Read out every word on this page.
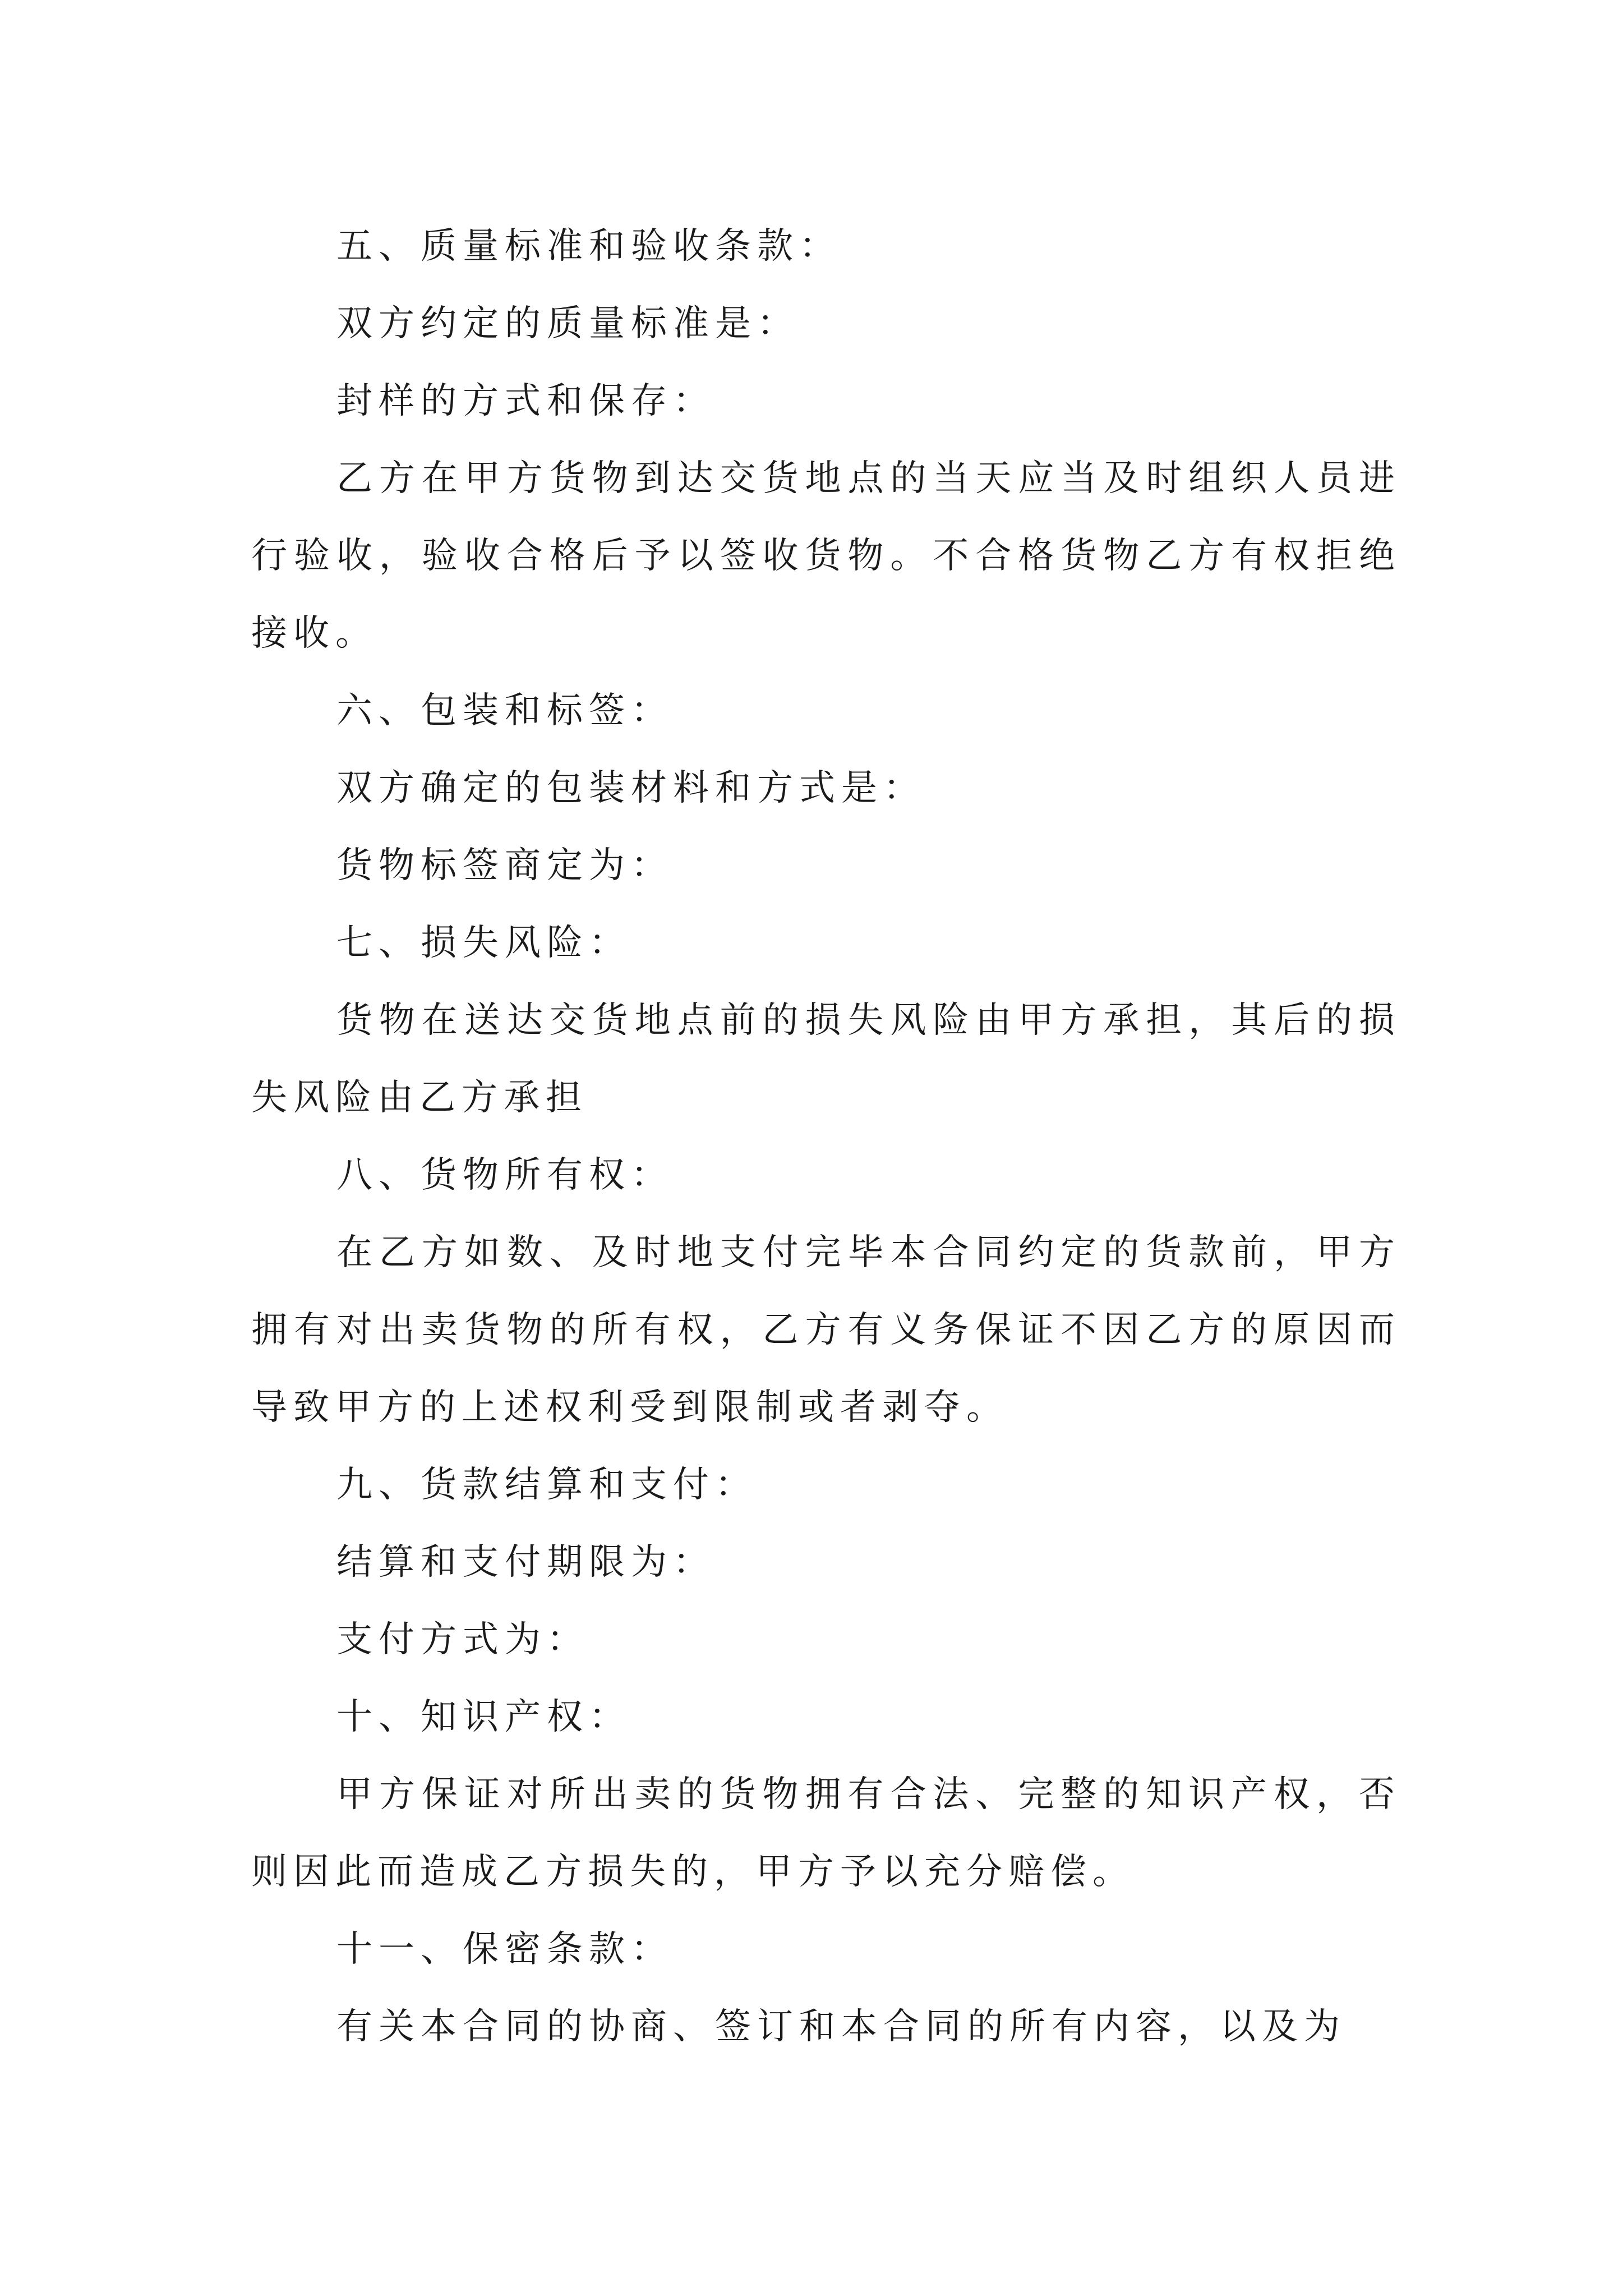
五、质量标准和验收条款：

双方约定的质量标准是：

封样的方式和保存：

乙方在甲方货物到达交货地点的当天应当及时组织人员进行验收，验收合格后予以签收货物。不合格货物乙方有权拒绝接收。

六、包装和标签：

双方确定的包装材料和方式是：

货物标签商定为：

七、损失风险：

货物在送达交货地点前的损失风险由甲方承担，其后的损失风险由乙方承担

八、货物所有权：

在乙方如数、及时地支付完毕本合同约定的货款前，甲方拥有对出卖货物的所有权，乙方有义务保证不因乙方的原因而导致甲方的上述权利受到限制或者剥夺。

九、货款结算和支付：

结算和支付期限为：

支付方式为：

十、知识产权：

甲方保证对所出卖的货物拥有合法、完整的知识产权，否则因此而造成乙方损失的，甲方予以充分赔偿。

十一、保密条款：

有关本合同的协商、签订和本合同的所有内容，以及为
